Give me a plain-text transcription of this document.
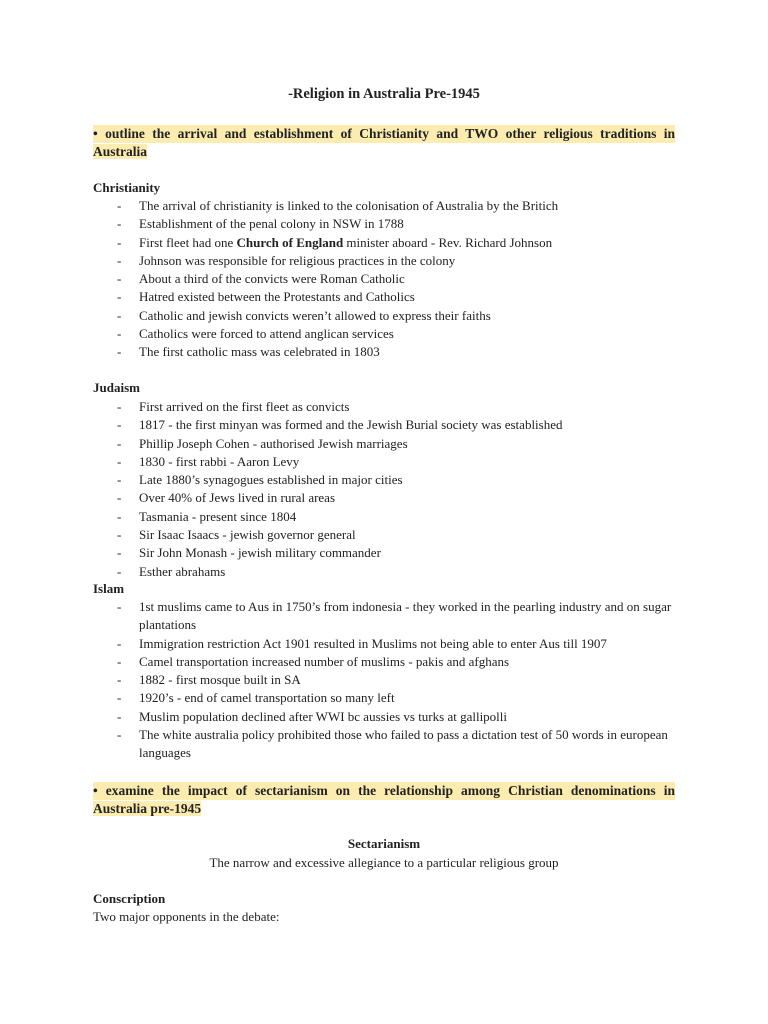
-Religion in Australia Pre-1945
• outline the arrival and establishment of Christianity and TWO other religious traditions in
Australia
Christianity
- The arrival of christianity is linked to the colonisation of Australia by the Britich
- Establishment of the penal colony in NSW in 1788
- First fleet had one Church of England minister aboard - Rev. Richard Johnson
- Johnson was responsible for religious practices in the colony
- About a third of the convicts were Roman Catholic
- Hatred existed between the Protestants and Catholics
- Catholic and jewish convicts weren’t allowed to express their faiths
- Catholics were forced to attend anglican services
- The first catholic mass was celebrated in 1803
Judaism
- First arrived on the first fleet as convicts
- 1817 - the first minyan was formed and the Jewish Burial society was established
- Phillip Joseph Cohen - authorised Jewish marriages
- 1830 - first rabbi - Aaron Levy
- Late 1880’s synagogues established in major cities
- Over 40% of Jews lived in rural areas
- Tasmania - present since 1804
- Sir Isaac Isaacs - jewish governor general
- Sir John Monash - jewish military commander
- Esther abrahams
Islam
- 1st muslims came to Aus in 1750’s from indonesia - they worked in the pearling industry and on sugar plantations
- Immigration restriction Act 1901 resulted in Muslims not being able to enter Aus till 1907
- Camel transportation increased number of muslims - pakis and afghans
- 1882 - first mosque built in SA
- 1920’s - end of camel transportation so many left
- Muslim population declined after WWI bc aussies vs turks at gallipolli
- The white australia policy prohibited those who failed to pass a dictation test of 50 words in european languages
• examine the impact of sectarianism on the relationship among Christian denominations in
Australia pre-1945
Sectarianism
The narrow and excessive allegiance to a particular religious group
Conscription
Two major opponents in the debate:
